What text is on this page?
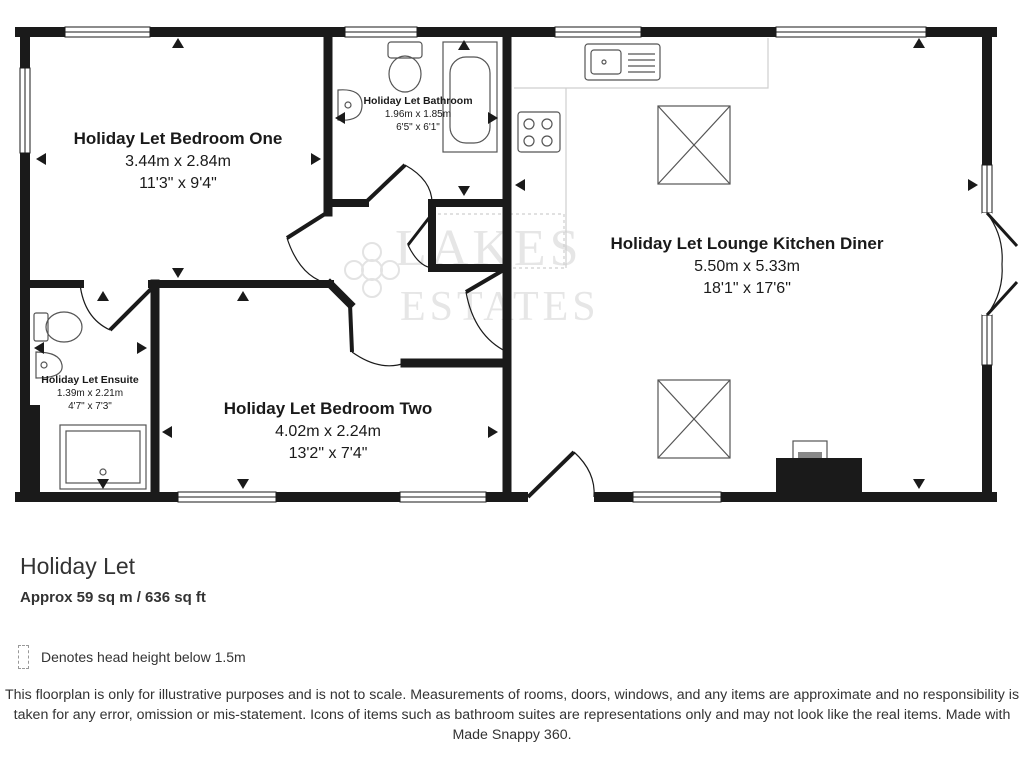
LAKES
ESTATES
Holiday Let Bedroom One
3.44m x 2.84m
11'3" x 9'4"
Holiday Let Bathroom
1.96m x 1.85m
6'5" x 6'1"
Holiday Let Lounge Kitchen Diner
5.50m x 5.33m
18'1" x 17'6"
Holiday Let Ensuite
1.39m x 2.21m
4'7" x 7'3"	Holiday Let Bedroom Two
4.02m x 2.24m
13'2" x 7'4"
Holiday Let
Approx 59 sq m / 636 sq ft
Denotes head height below 1.5m
This floorplan is only for illustrative purposes and is not to scale. Measurements of rooms, doors, windows, and any items are approximate and no responsibility is taken for any error, omission or mis-statement. Icons of items such as bathroom suites are representations only and may not look like the real items. Made with Made Snappy 360.
